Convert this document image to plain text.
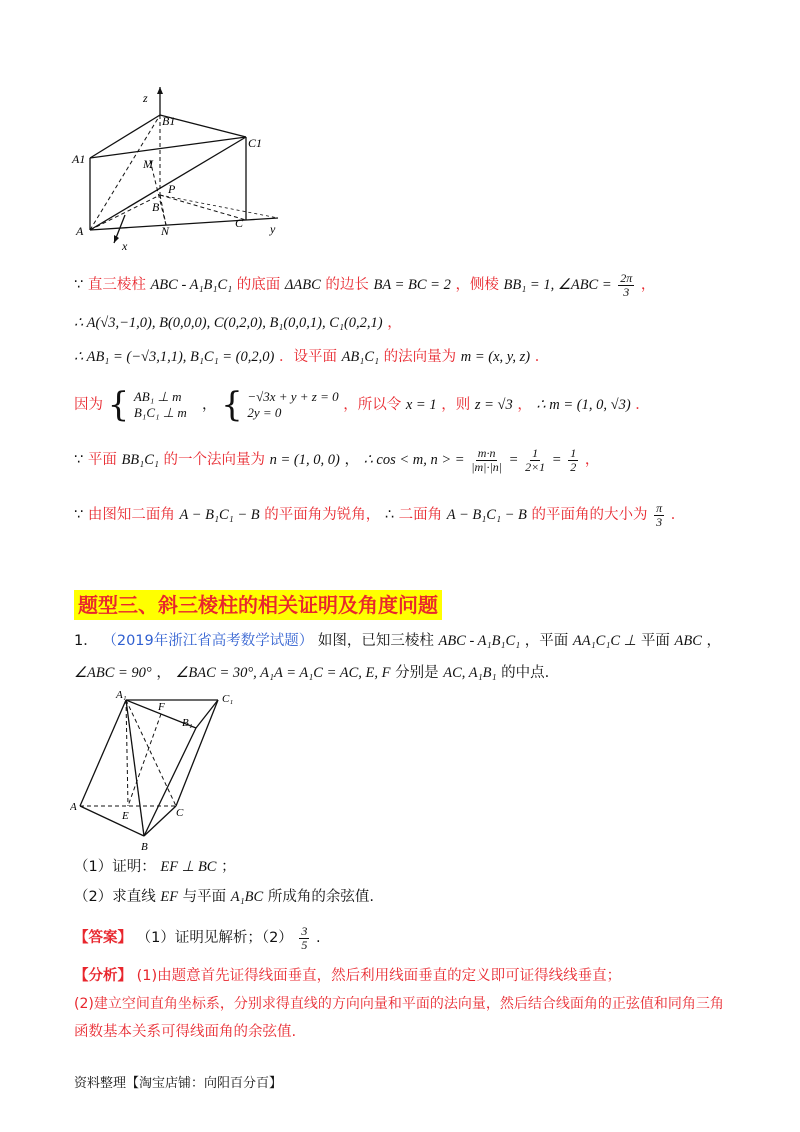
z
B1
C1
A1	M
P
B
A	N
C y
x
∵ 直三棱柱 ABC - A₁B₁C₁ 的底面 ΔABC 的边长 BA = BC = 2 ，侧棱 BB₁ = 1, ∠ABC = $\frac{2\pi}{3}$ ，
∴ A(√3,−1,0), B(0,0,0), C(0,2,0), B₁(0,0,1), C₁(0,2,1) ，
∴ AB₁ = (−√3,1,1), B₁C₁ = (0,2,0) ．设平面 AB₁C₁ 的法向量为 m = (x, y, z) ．
因为 { AB₁ ⊥ m
B₁C₁ ⊥ m ， { −√3x + y + z = 0
2y = 0	，所以令 x = 1 ，则 z = √3 ， ∴ m = (1, 0, √3) ．
∵ 平面 BB₁C₁ 的一个法向量为 n = (1, 0, 0) ， ∴ cos < m, n > = $\frac{m\cdot n}{|m|\cdot|n|} = \frac{1}{2\times 1} = \frac{1}{2}$ ，
∵ 由图知二面角 A − B₁C₁ − B 的平面角为锐角， ∴ 二面角 A − B₁C₁ − B 的平面角的大小为 $\frac{\pi}{3}$ ．
题型三、斜三棱柱的相关证明及角度问题
1． （2019年浙江省高考数学试题） 如图，已知三棱柱 ABC - A₁B₁C₁ ，平面 AA₁C₁C ⊥ 平面 ABC ，
∠ABC = 90° ， ∠BAC = 30°, A₁A = A₁C = AC, E, F 分别是 AC, A₁B₁ 的中点.
A₁	C₁
F
B₁
A
E	C
B
（1）证明： EF ⊥ BC ；
（2）求直线 EF 与平面 A₁BC 所成角的余弦值.
【答案】 （1）证明见解析；$(2) \frac{3}{5}$ .
【分析】 (1)由题意首先证得线面垂直，然后利用线面垂直的定义即可证得线线垂直；
(2)建立空间直角坐标系，分别求得直线的方向向量和平面的法向量，然后结合线面角的正弦值和同角三角
函数基本关系可得线面角的余弦值.
资料整理【淘宝店铺：向阳百分百】
